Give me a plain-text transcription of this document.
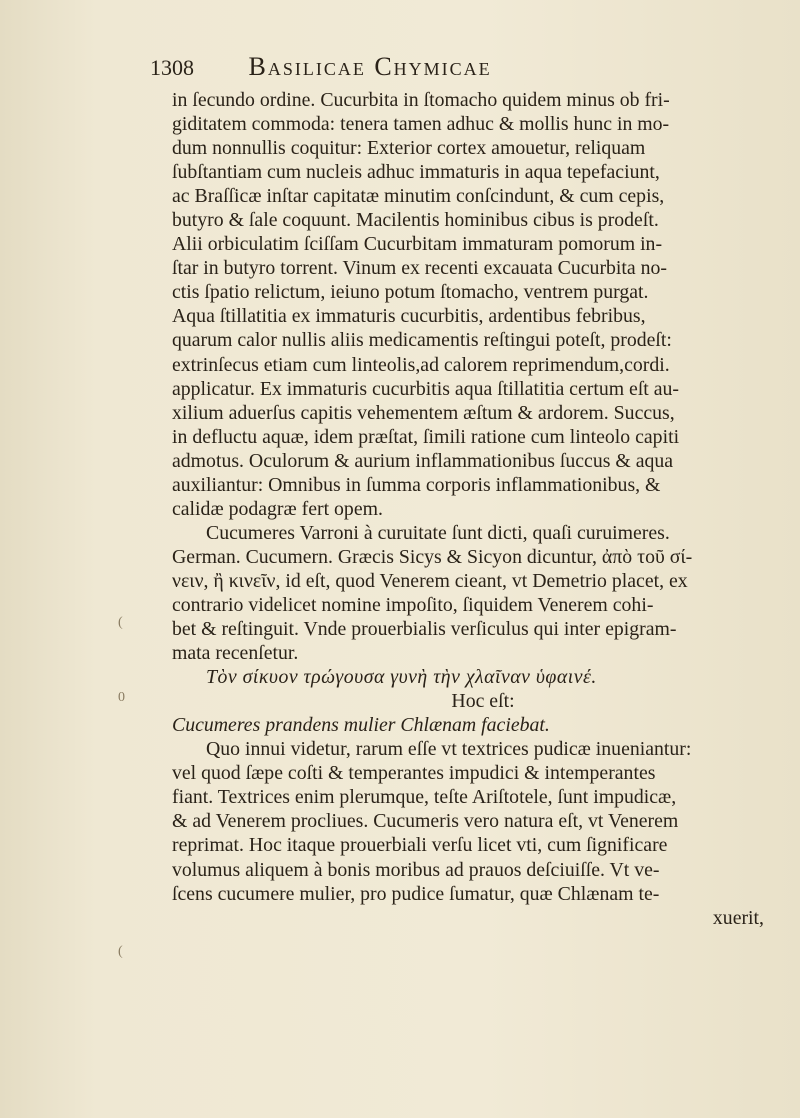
1308 Basilicae Chymicae
(
0
(
in ſecundo ordine. Cucurbita in ſtomacho quidem minus ob fri-
giditatem commoda: tenera tamen adhuc & mollis hunc in mo-
dum nonnullis coquitur: Exterior cortex amouetur, reliquam
ſubſtantiam cum nucleis adhuc immaturis in aqua tepefaciunt,
ac Braſſicæ inſtar capitatæ minutim conſcindunt, & cum cepis,
butyro & ſale coquunt. Macilentis hominibus cibus is prodeſt.
Alii orbiculatim ſciſſam Cucurbitam immaturam pomorum in-
ſtar in butyro torrent. Vinum ex recenti excauata Cucurbita no-
ctis ſpatio relictum, ieiuno potum ſtomacho, ventrem purgat.
Aqua ſtillatitia ex immaturis cucurbitis, ardentibus febribus,
quarum calor nullis aliis medicamentis reſtingui poteſt, prodeſt:
extrinſecus etiam cum linteolis,ad calorem reprimendum,cordi.
applicatur. Ex immaturis cucurbitis aqua ſtillatitia certum eſt au-
xilium aduerſus capitis vehementem æſtum & ardorem. Succus,
in defluctu aquæ, idem præſtat, ſimili ratione cum linteolo capiti
admotus. Oculorum & aurium inflammationibus ſuccus & aqua
auxiliantur: Omnibus in ſumma corporis inflammationibus, &
calidæ podagræ fert opem.
Cucumeres Varroni à curuitate ſunt dicti, quaſi curuimeres.
German. Cucumern. Græcis Sicys & Sicyon dicuntur, ἀπὸ τοῦ σί-
νειν, ἢ κινεῖν, id eſt, quod Venerem cieant, vt Demetrio placet, ex
contrario videlicet nomine impoſito, ſiquidem Venerem cohi-
bet & reſtinguit. Vnde prouerbialis verſiculus qui inter epigram-
mata recenſetur.
Τὸν σίκυον τρώγουσα γυνὴ τὴν χλαῖναν ὑφαινέ.
Hoc eſt:
Cucumeres prandens mulier Chlænam faciebat.
Quo innui videtur, rarum eſſe vt textrices pudicæ inueniantur:
vel quod ſæpe coſti & temperantes impudici & intemperantes
fiant. Textrices enim plerumque, teſte Ariſtotele, ſunt impudicæ,
& ad Venerem procliues. Cucumeris vero natura eſt, vt Venerem
reprimat. Hoc itaque prouerbiali verſu licet vti, cum ſignificare
volumus aliquem à bonis moribus ad prauos deſciuiſſe. Vt ve-
ſcens cucumere mulier, pro pudice ſumatur, quæ Chlænam te-
xuerit,
